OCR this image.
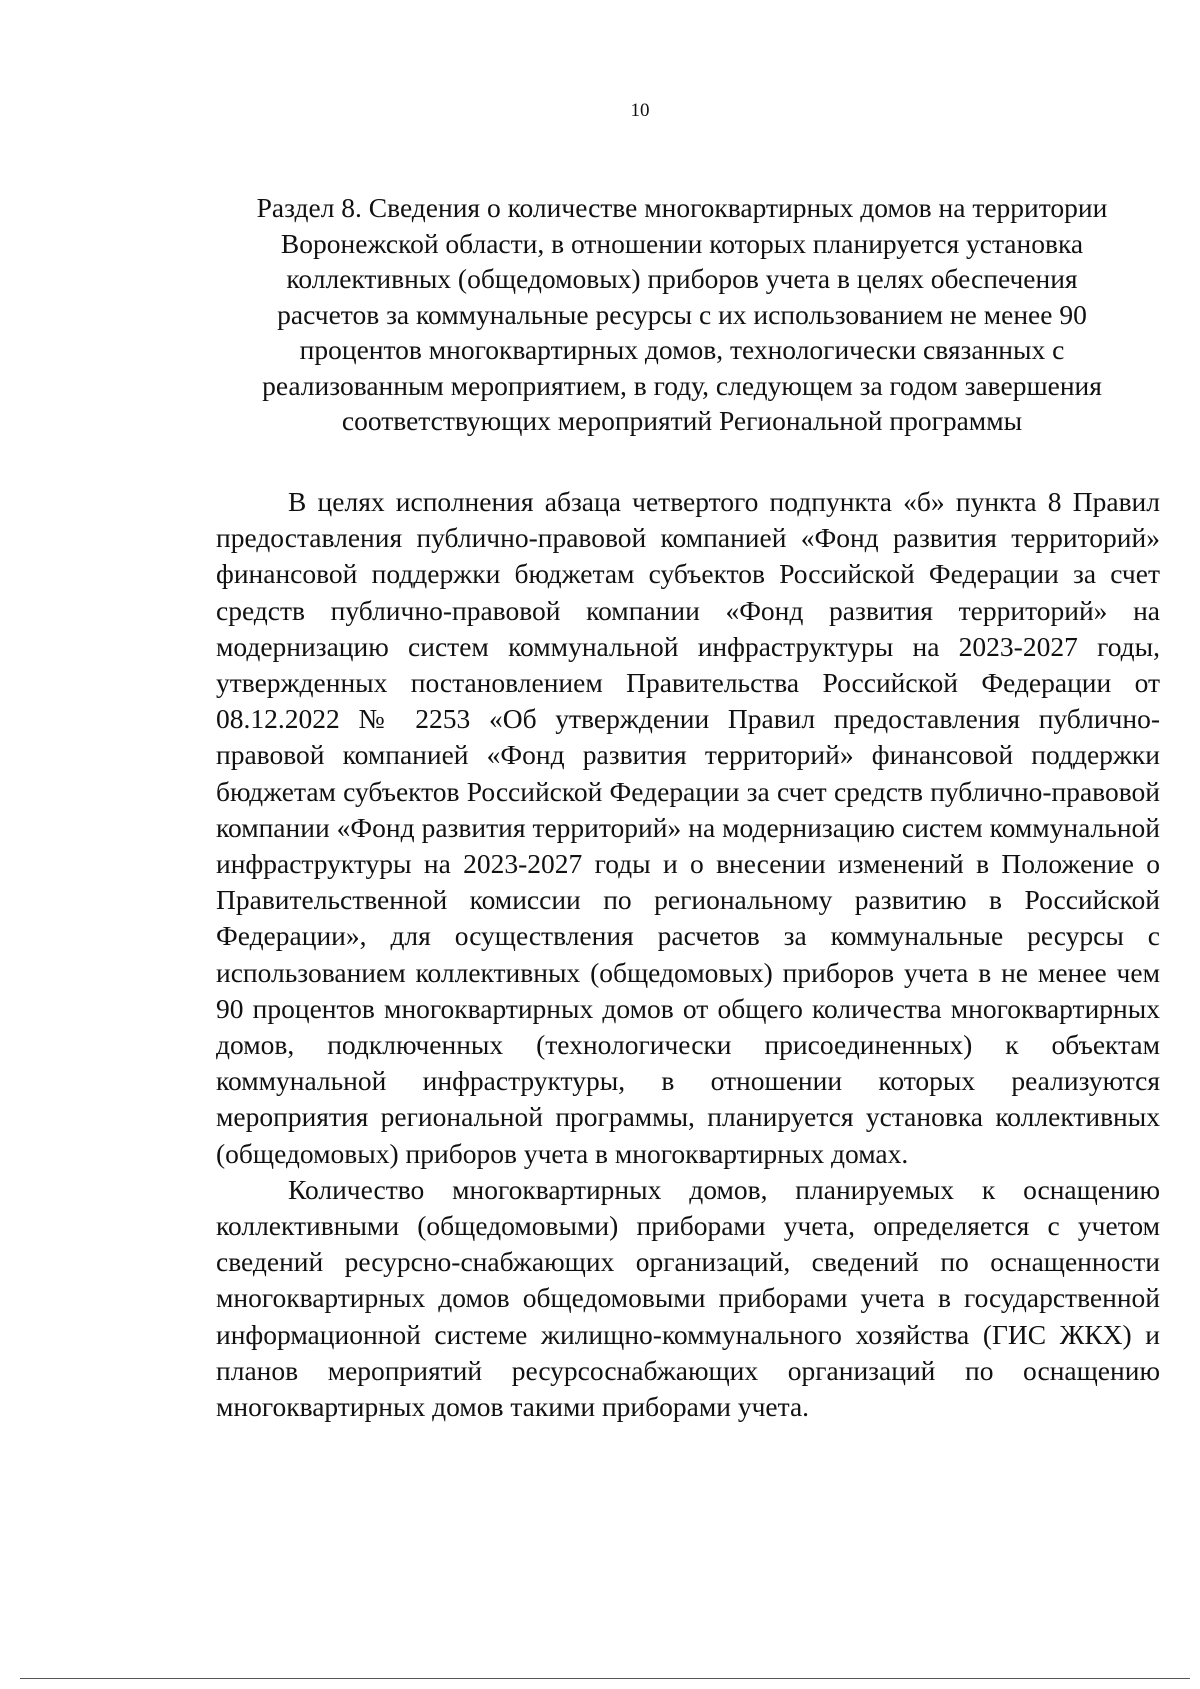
10
Раздел 8. Сведения о количестве многоквартирных домов на территории Воронежской области, в отношении которых планируется установка коллективных (общедомовых) приборов учета в целях обеспечения расчетов за коммунальные ресурсы с их использованием не менее 90 процентов многоквартирных домов, технологически связанных с реализованным мероприятием, в году, следующем за годом завершения соответствующих мероприятий Региональной программы

В целях исполнения абзаца четвертого подпункта «б» пункта 8 Правил предоставления публично-правовой компанией «Фонд развития территорий» финансовой поддержки бюджетам субъектов Российской Федерации за счет средств публично-правовой компании «Фонд развития территорий» на модернизацию систем коммунальной инфраструктуры на 2023-2027 годы, утвержденных постановлением Правительства Российской Федерации от 08.12.2022 № 2253 «Об утверждении Правил предоставления публично-правовой компанией «Фонд развития территорий» финансовой поддержки бюджетам субъектов Российской Федерации за счет средств публично-правовой компании «Фонд развития территорий» на модернизацию систем коммунальной инфраструктуры на 2023-2027 годы и о внесении изменений в Положение о Правительственной комиссии по региональному развитию в Российской Федерации», для осуществления расчетов за коммунальные ресурсы с использованием коллективных (общедомовых) приборов учета в не менее чем 90 процентов многоквартирных домов от общего количества многоквартирных домов, подключенных (технологически присоединенных) к объектам коммунальной инфраструктуры, в отношении которых реализуются мероприятия региональной программы, планируется установка коллективных (общедомовых) приборов учета в многоквартирных домах.

Количество многоквартирных домов, планируемых к оснащению коллективными (общедомовыми) приборами учета, определяется с учетом сведений ресурсно-снабжающих организаций, сведений по оснащенности многоквартирных домов общедомовыми приборами учета в государственной информационной системе жилищно-коммунального хозяйства (ГИС ЖКХ) и планов мероприятий ресурсоснабжающих организаций по оснащению многоквартирных домов такими приборами учета.
